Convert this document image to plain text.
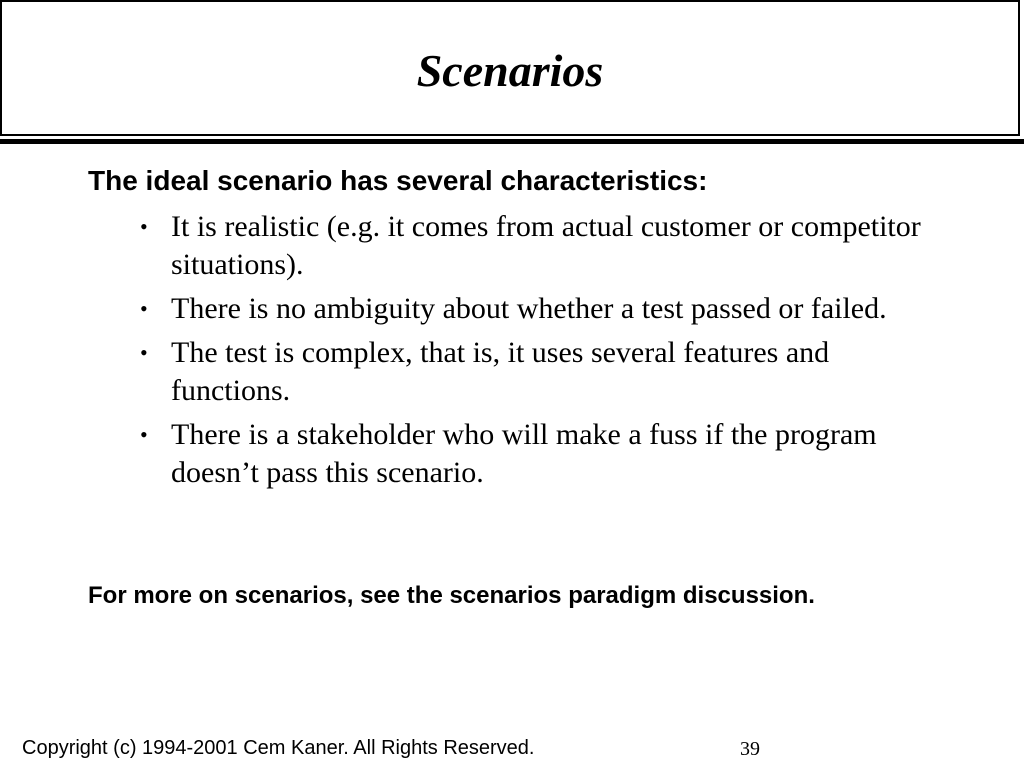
Scenarios

The ideal scenario has several characteristics:

• It is realistic (e.g. it comes from actual customer or competitor situations).
• There is no ambiguity about whether a test passed or failed.
• The test is complex, that is, it uses several features and functions.
• There is a stakeholder who will make a fuss if the program doesn’t pass this scenario.

For more on scenarios, see the scenarios paradigm discussion.

Copyright (c) 1994-2001 Cem Kaner. All Rights Reserved.	39
